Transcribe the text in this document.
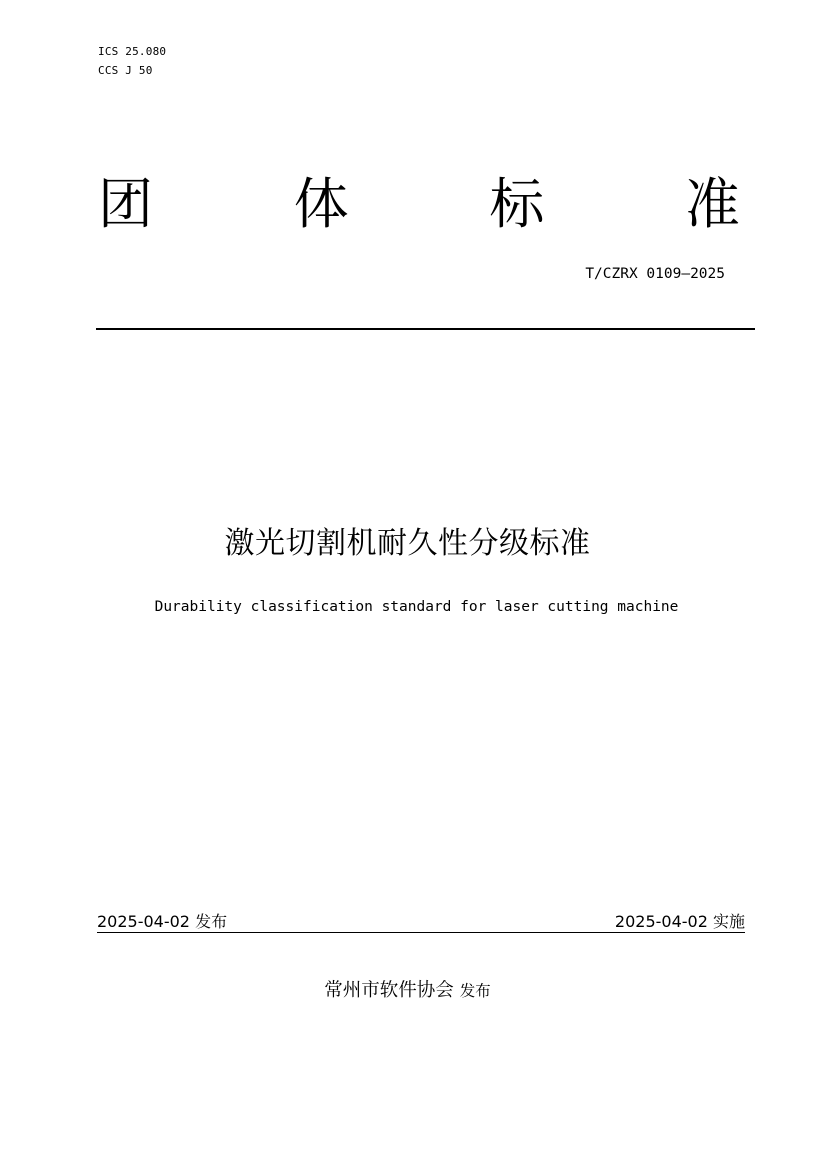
ICS 25.080
CCS J 50
团	体	标	准
T/CZRX 0109—2025
激光切割机耐久性分级标准
Durability classification standard for laser cutting machine
2025-04-02 发布	2025-04-02 实施
常州市软件协会 发布
